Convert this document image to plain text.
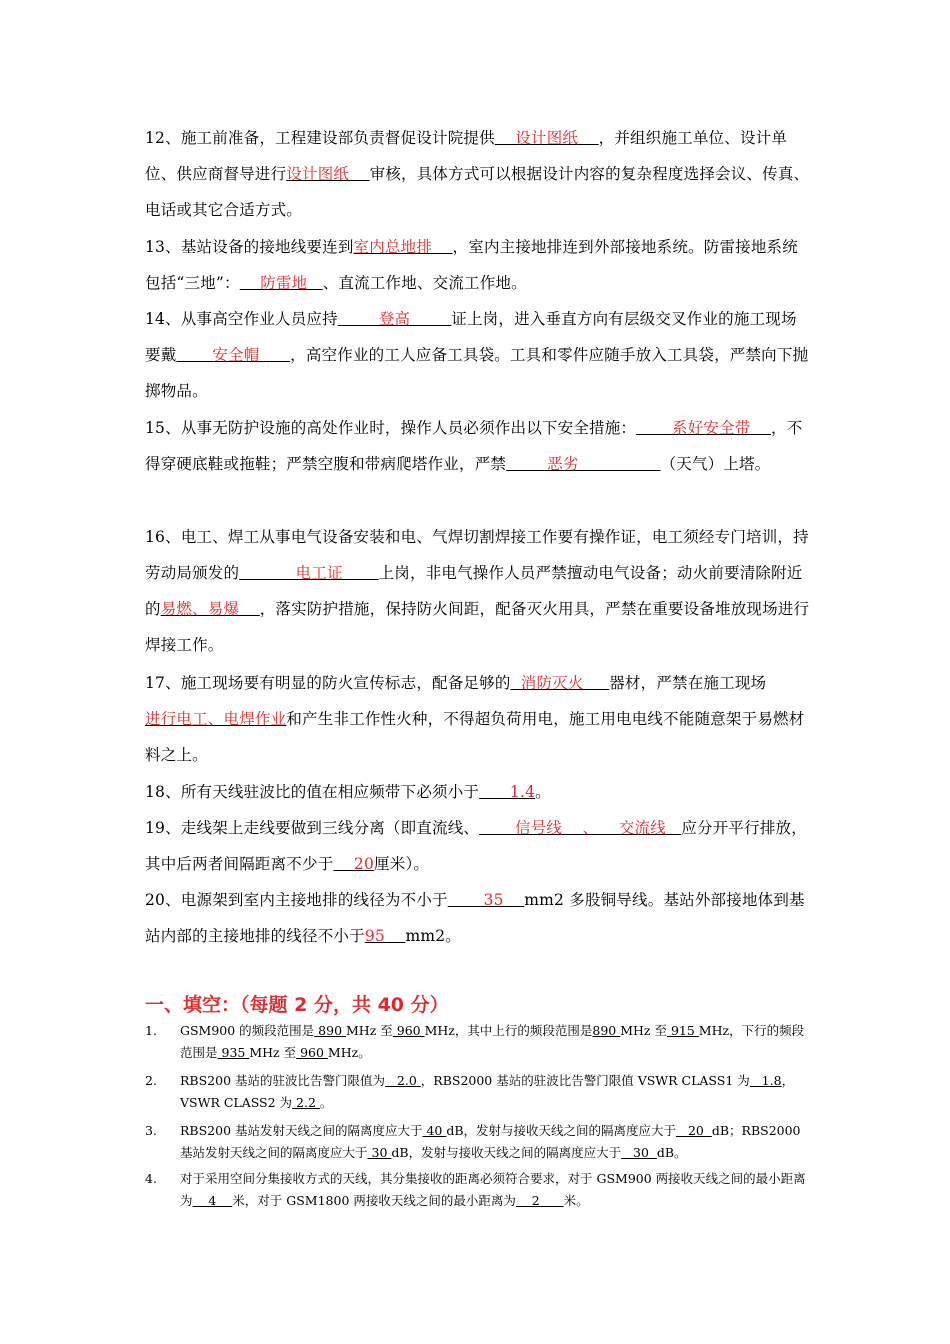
12、施工前准备，工程建设部负责督促设计院提供    设计图纸    ，并组织施工单位、设计单位、供应商督导进行设计图纸    审核，具体方式可以根据设计内容的复杂程度选择会议、传真、电话或其它合适方式。
13、基站设备的接地线要连到室内总地排    ，室内主接地排连到外部接地系统。防雷接地系统包括“三地”：    防雷地   、直流工作地、交流工作地。
14、从事高空作业人员应持        登高        证上岗，进入垂直方向有层级交叉作业的施工现场要戴       安全帽      ，高空作业的工人应备工具袋。工具和零件应随手放入工具袋，严禁向下抛掷物品。
15、从事无防护设施的高处作业时，操作人员必须作出以下安全措施：       系好安全带 ，不得穿硬底鞋或拖鞋；严禁空腹和带病爬塔作业，严禁        恶劣                （天气）上塔。
16、电工、焊工从事电气设备安装和电、气焊切割焊接工作要有操作证，电工须经专门培训，持劳动局颁发的           电工证       上岗，非电气操作人员严禁擅动电气设备；动火前要清除附近的易燃、易爆    ，落实防护措施，保持防火间距，配备灭火用具，严禁在重要设备堆放现场进行焊接工作。
17、施工现场要有明显的防火宣传标志，配备足够的  消防灭火     器材，严禁在施工现场进行电工、电焊作业和产生非工作性火种，不得超负荷用电，施工用电电线不能随意架于易燃材料之上。
18、所有天线驻波比的值在相应频带下必须小于      1.4。
19、走线架上走线要做到三线分离（即直流线、       信号线    、    交流线   应分开平行排放，其中后两者间隔距离不少于    20厘米）。
20、电源架到室内主接地排的线径为不小于       35    mm2 多股铜导线。基站外部接地体到基站内部的主接地排的线径不小于95    mm2。
一、填空：（每题 2 分，共 40 分）
1.	GSM900 的频段范围是 890 MHz 至 960 MHz，其中上行的频段范围是890 MHz 至 915 MHz，下行的频段范围是 935 MHz 至 960 MHz。
2.	RBS200 基站的驻波比告警门限值为   2.0 ，RBS2000 基站的驻波比告警门限值 VSWR CLASS1 为   1.8，VSWR CLASS2 为 2.2 。
3.	RBS200 基站发射天线之间的隔离度应大于 40 dB，发射与接收天线之间的隔离度应大于   20  dB；RBS2000 基站发射天线之间的隔离度应大于 30 dB，发射与接收天线之间的隔离度应大于   30  dB。
4.	对于采用空间分集接收方式的天线，其分集接收的距离必须符合要求，对于 GSM900 两接收天线之间的最小距离为    4    米，对于 GSM1800 两接收天线之间的最小距离为    2      米。
